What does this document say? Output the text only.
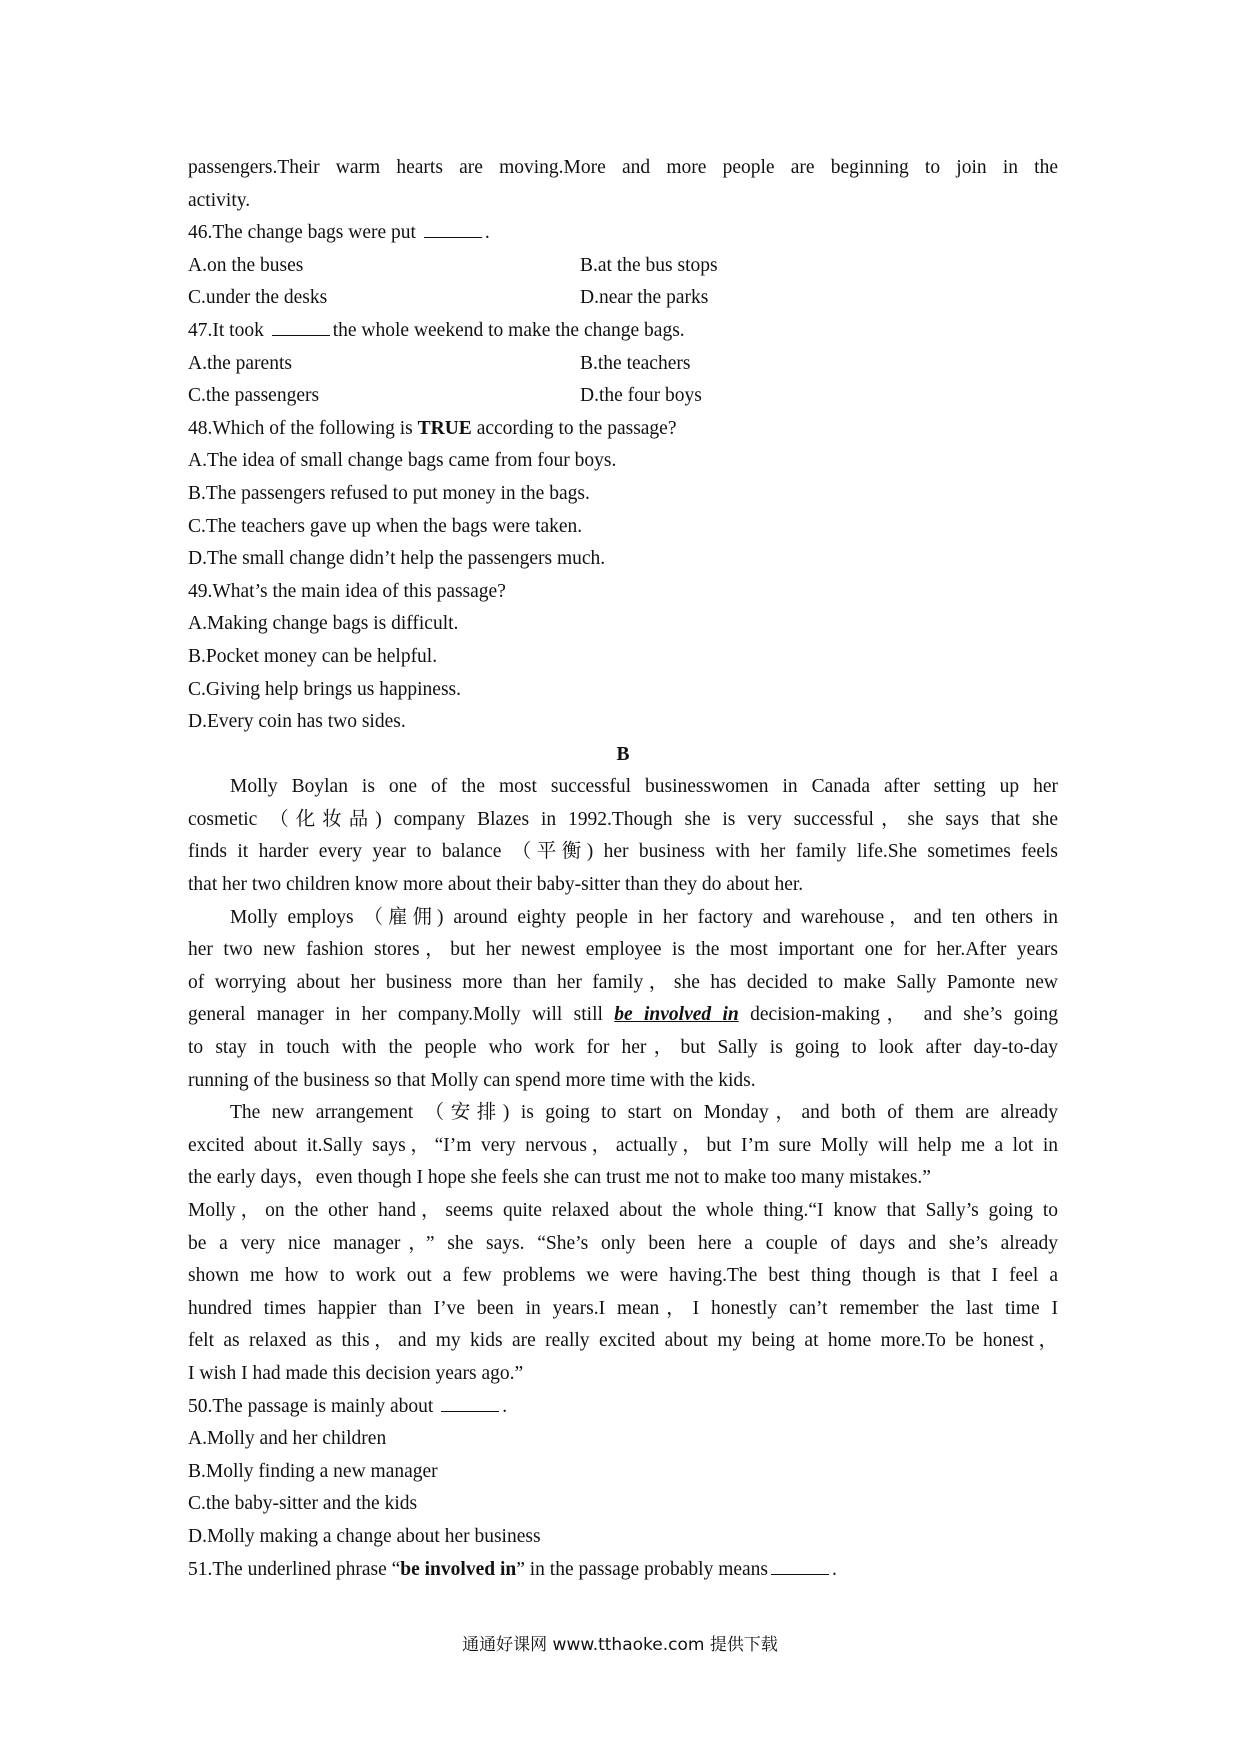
passengers.Their warm hearts are moving.More and more people are beginning to join in the
activity.
46.The change bags were put	.
A.on the buses	B.at the bus stops
C.under the desks	D.near the parks
47.It took	the whole weekend to make the change bags.
A.the parents	B.the teachers
C.the passengers	D.the four boys
48.Which of the following is TRUE according to the passage?
A.The idea of small change bags came from four boys.
B.The passengers refused to put money in the bags.
C.The teachers gave up when the bags were taken.
D.The small change didn’t help the passengers much.
49.What’s the main idea of this passage?
A.Making change bags is difficult.
B.Pocket money can be helpful.
C.Giving help brings us happiness.
D.Every coin has two sides.
B
Molly Boylan is one of the most successful businesswomen in Canada after setting up her
cosmetic （化妆品) company Blazes in 1992.Though she is very successful，she says that she
finds it harder every year to balance （平衡) her business with her family life.She sometimes feels
that her two children know more about their baby-sitter than they do about her.
Molly employs （雇佣) around eighty people in her factory and warehouse，and ten others in
her two new fashion stores，but her newest employee is the most important one for her.After years
of worrying about her business more than her family，she has decided to make Sally Pamonte new
general manager in her company.Molly will still be involved in decision-making， and she’s going
to stay in touch with the people who work for her，but Sally is going to look after day-to-day
running of the business so that Molly can spend more time with the kids.
The new arrangement （安排) is going to start on Monday，and both of them are already
excited about it.Sally says，“I’m very nervous，actually，but I’m sure Molly will help me a lot in
the early days，even though I hope she feels she can trust me not to make too many mistakes.”
Molly，on the other hand，seems quite relaxed about the whole thing.“I know that Sally’s going to
be a very nice manager，” she says. “She’s only been here a couple of days and she’s already
shown me how to work out a few problems we were having.The best thing though is that I feel a
hundred times happier than I’ve been in years.I mean，I honestly can’t remember the last time I
felt as relaxed as this，and my kids are really excited about my being at home more.To be honest，
I wish I had made this decision years ago.”
50.The passage is mainly about	.
A.Molly and her children
B.Molly finding a new manager
C.the baby-sitter and the kids
D.Molly making a change about her business
51.The underlined phrase “be involved in” in the passage probably means	.
通通好课网 www.tthaoke.com 提供下载
